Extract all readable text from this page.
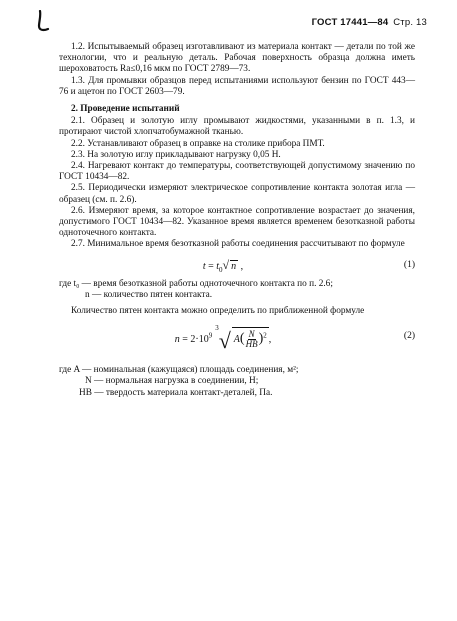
ГОСТ 17441—84 Стр. 13

1.2. Испытываемый образец изготавливают из материала контакт — детали по той же технологии, что и реальную деталь. Рабочая поверхность образца должна иметь шероховатость Ra≤0,16 мкм по ГОСТ 2789—73.

1.3. Для промывки образцов перед испытаниями используют бензин по ГОСТ 443—76 и ацетон по ГОСТ 2603—79.

2. Проведение испытаний

2.1. Образец и золотую иглу промывают жидкостями, указанными в п. 1.3, и протирают чистой хлопчатобумажной тканью.

2.2. Устанавливают образец в оправке на столике прибора ПМТ.

2.3. На золотую иглу прикладывают нагрузку 0,05 Н.

2.4. Нагревают контакт до температуры, соответствующей допустимому значению по ГОСТ 10434—82.

2.5. Периодически измеряют электрическое сопротивление контакта золотая игла — образец (см. п. 2.6).

2.6. Измеряют время, за которое контактное сопротивление возрастает до значения, допустимого ГОСТ 10434—82. Указанное время является временем безотказной работы одноточечного контакта.

2.7. Минимальное время безотказной работы соединения рассчитывают по формуле

$t = t_0√$ n ,	(1)

где t₀ — время безотказной работы одноточечного контакта по п. 2.6;

n — количество пятен контакта.

Количество пятен контакта можно определить по приближенной формуле

$n = 2\cdot 10^{93}√$ $A( \frac{N}{HB} )^2$ ,	(2)

где A — номинальная (кажущаяся) площадь соединения, м²;

N — нормальная нагрузка в соединении, Н;

HB — твердость материала контакт-деталей, Па.
